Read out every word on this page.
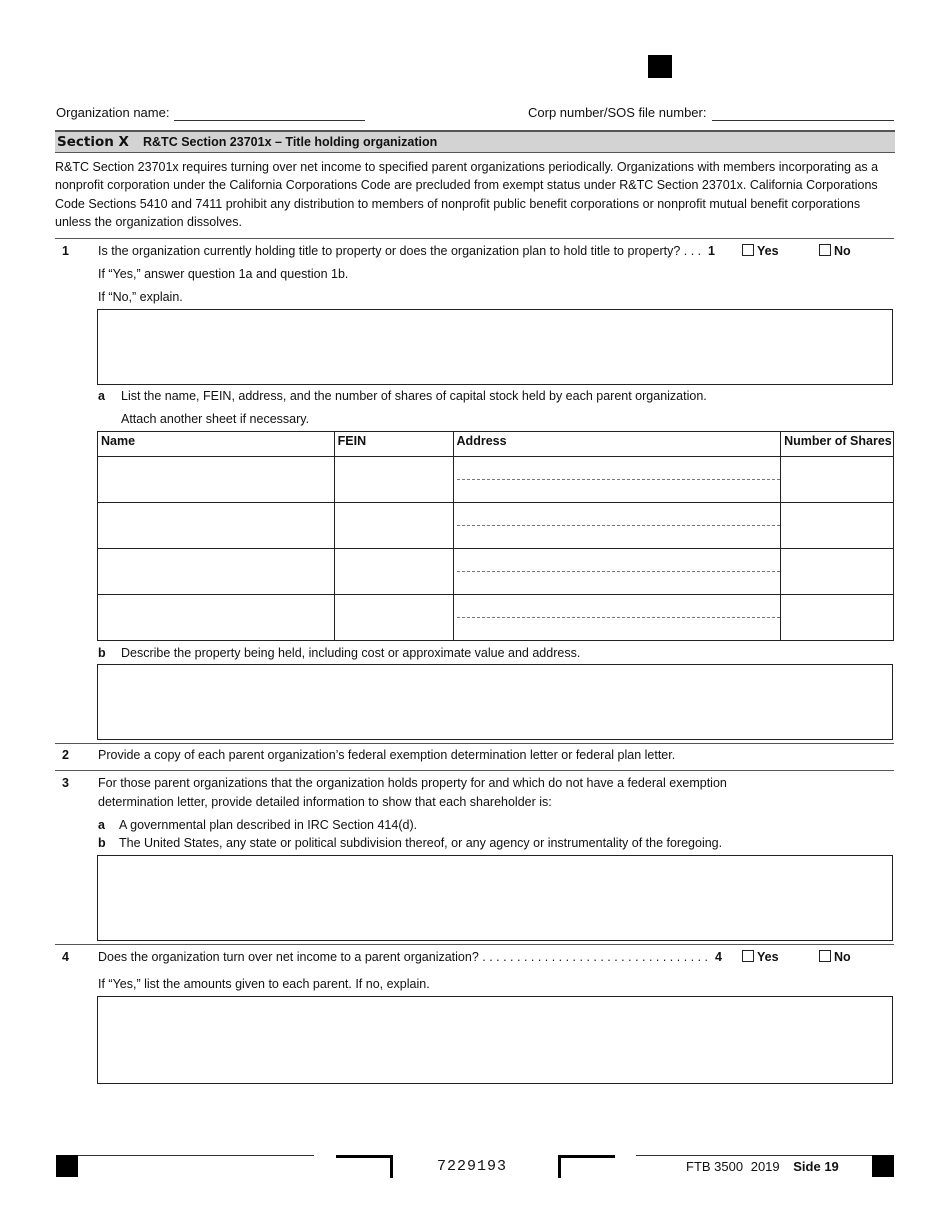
Organization name:	Corp number/SOS file number:
Section X R&TC Section 23701x – Title holding organization
R&TC Section 23701x requires turning over net income to specified parent organizations periodically. Organizations with members incorporating as a nonprofit corporation under the California Corporations Code are precluded from exempt status under R&TC Section 23701x. California Corporations Code Sections 5410 and 7411 prohibit any distribution to members of nonprofit public benefit corporations or nonprofit mutual benefit corporations unless the organization dissolves.
1 Is the organization currently holding title to property or does the organization plan to hold title to property? . . . 1	Yes	No
If “Yes,” answer question 1a and question 1b.
If “No,” explain.
a List the name, FEIN, address, and the number of shares of capital stock held by each parent organization.
Attach another sheet if necessary.
Name	FEIN	Address	Number of Shares

b Describe the property being held, including cost or approximate value and address.
2 Provide a copy of each parent organization’s federal exemption determination letter or federal plan letter.
3 For those parent organizations that the organization holds property for and which do not have a federal exemption
determination letter, provide detailed information to show that each shareholder is:
a A governmental plan described in IRC Section 414(d).
b The United States, any state or political subdivision thereof, or any agency or instrumentality of the foregoing.
4 Does the organization turn over net income to a parent organization? . . . . . . . . . . . . . . . . . . . . . . . . . . . . . . . . . 4	Yes	No
If “Yes,” list the amounts given to each parent. If no, explain.
7229193	FTB 3500 2019 Side 19
